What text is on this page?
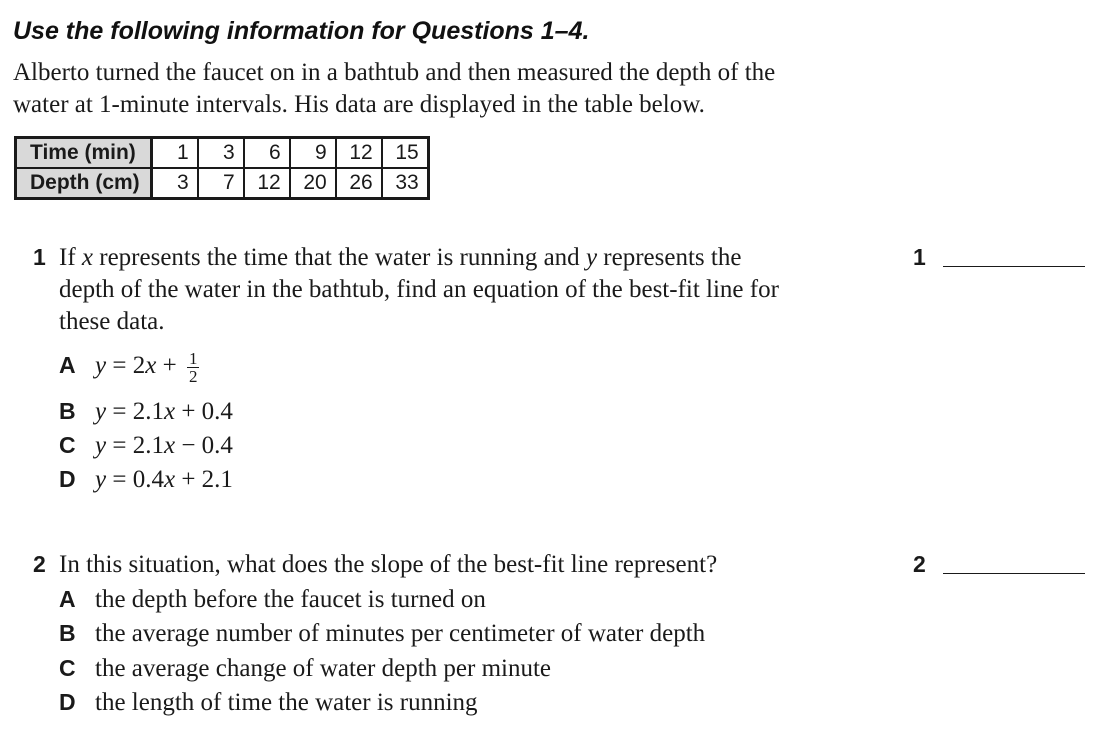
Use the following information for Questions 1–4.
Alberto turned the faucet on in a bathtub and then measured the depth of the
water at 1-minute intervals. His data are displayed in the table below.
Time (min)	1	3	6	9	12	15
Depth (cm)	3	7	12	20	26	33
1 If x represents the time that the water is running and y represents the
depth of the water in the bathtub, find an equation of the best-fit line for
these data.
A $y = 2x + \frac{1}{2}$
B y = 2.1x + 0.4
C y = 2.1x − 0.4
D y = 0.4x + 2.1
1
2 In this situation, what does the slope of the best-fit line represent?
A the depth before the faucet is turned on
B the average number of minutes per centimeter of water depth
C the average change of water depth per minute
D the length of time the water is running
2
